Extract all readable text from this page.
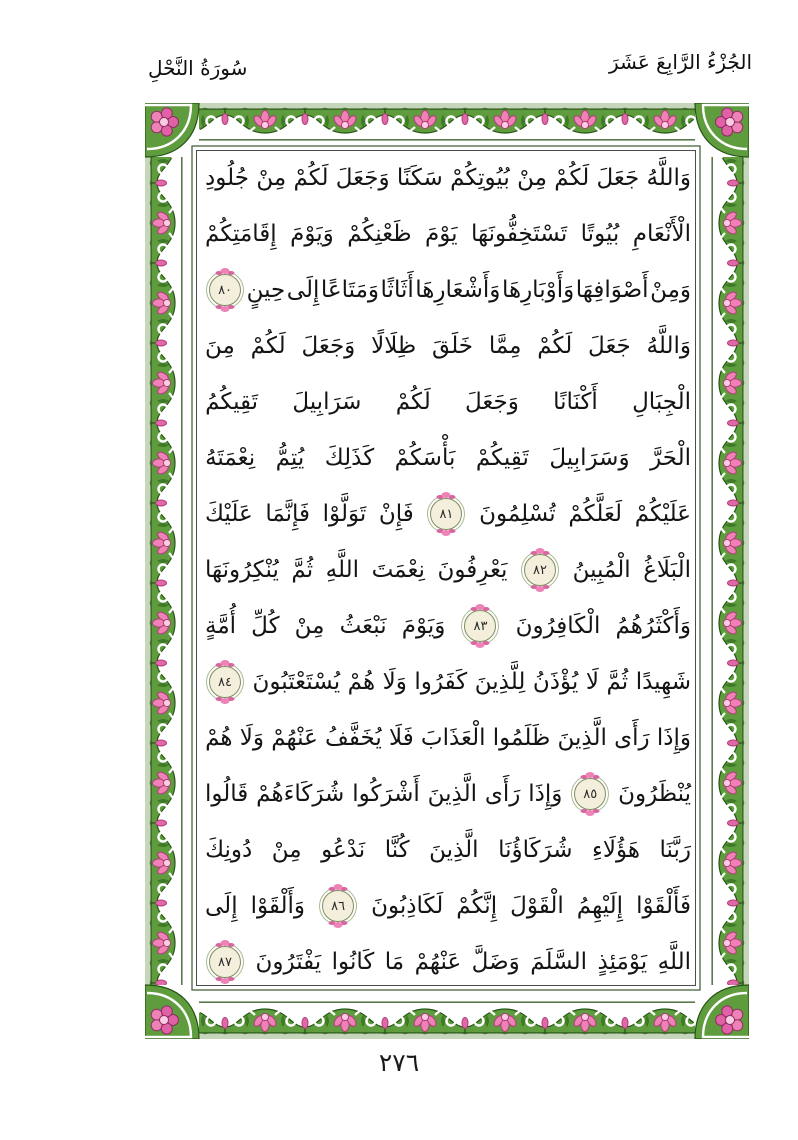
الجُزْءُ الرَّابِعَ عَشَرَ
سُورَةُ النَّحْلِ
وَاللَّهُ
جَعَلَ
لَكُمْ
مِنْ
بُيُوتِكُمْ
سَكَنًا
وَجَعَلَ
لَكُمْ
مِنْ
جُلُودِ
الْأَنْعَامِ
بُيُوتًا
تَسْتَخِفُّونَهَا
يَوْمَ
ظَعْنِكُمْ
وَيَوْمَ
إِقَامَتِكُمْ
وَمِنْ
أَصْوَافِهَا
وَأَوْبَارِهَا
وَأَشْعَارِهَا
أَثَاثًا
وَمَتَاعًا
إِلَى
حِينٍ
٨٠
وَاللَّهُ
جَعَلَ
لَكُمْ
مِمَّا
خَلَقَ
ظِلَالًا
وَجَعَلَ
لَكُمْ
مِنَ
الْجِبَالِ
أَكْنَانًا
وَجَعَلَ
لَكُمْ
سَرَابِيلَ
تَقِيكُمُ
الْحَرَّ
وَسَرَابِيلَ
تَقِيكُمْ
بَأْسَكُمْ
كَذَلِكَ
يُتِمُّ
نِعْمَتَهُ
عَلَيْكُمْ
لَعَلَّكُمْ
تُسْلِمُونَ
٨١
فَإِنْ
تَوَلَّوْا
فَإِنَّمَا
عَلَيْكَ
الْبَلَاغُ
الْمُبِينُ
٨٢
يَعْرِفُونَ
نِعْمَتَ
اللَّهِ
ثُمَّ
يُنْكِرُونَهَا
وَأَكْثَرُهُمُ
الْكَافِرُونَ
٨٣
وَيَوْمَ
نَبْعَثُ
مِنْ
كُلِّ
أُمَّةٍ
شَهِيدًا
ثُمَّ
لَا
يُؤْذَنُ
لِلَّذِينَ
كَفَرُوا
وَلَا
هُمْ
يُسْتَعْتَبُونَ
٨٤
وَإِذَا
رَأَى
الَّذِينَ
ظَلَمُوا
الْعَذَابَ
فَلَا
يُخَفَّفُ
عَنْهُمْ
وَلَا
هُمْ
يُنْظَرُونَ
٨٥
وَإِذَا
رَأَى
الَّذِينَ
أَشْرَكُوا
شُرَكَاءَهُمْ
قَالُوا
رَبَّنَا
هَؤُلَاءِ
شُرَكَاؤُنَا
الَّذِينَ
كُنَّا
نَدْعُو
مِنْ
دُونِكَ
فَأَلْقَوْا
إِلَيْهِمُ
الْقَوْلَ
إِنَّكُمْ
لَكَاذِبُونَ
٨٦
وَأَلْقَوْا
إِلَى
اللَّهِ
يَوْمَئِذٍ
السَّلَمَ
وَضَلَّ
عَنْهُمْ
مَا
كَانُوا
يَفْتَرُونَ
٨٧
٢٧٦
